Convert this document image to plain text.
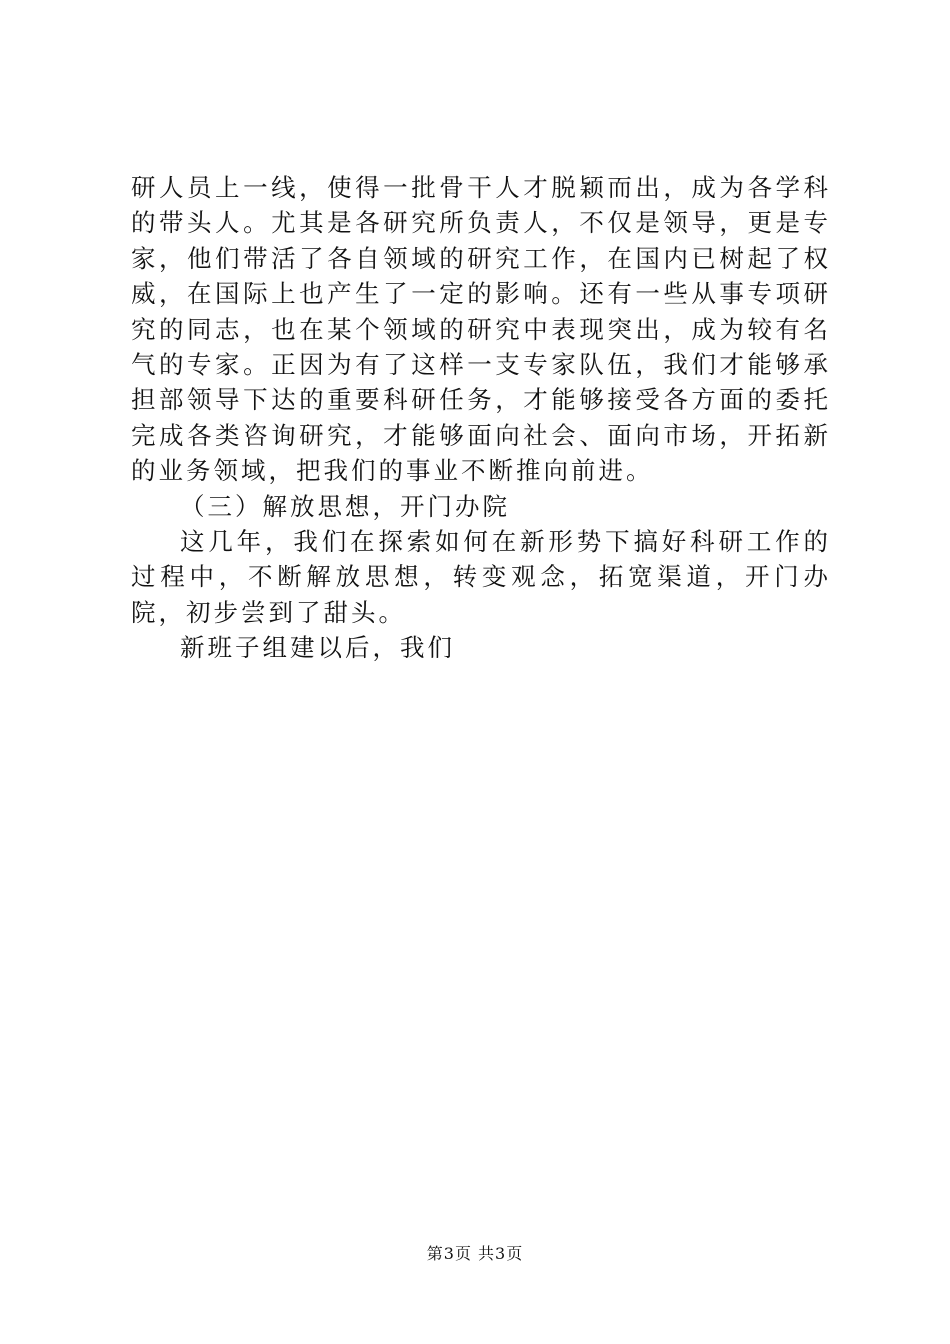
研人员上一线，使得一批骨干人才脱颖而出，成为各学科的带头人。尤其是各研究所负责人，不仅是领导，更是专家，他们带活了各自领域的研究工作，在国内已树起了权威，在国际上也产生了一定的影响。还有一些从事专项研究的同志，也在某个领域的研究中表现突出，成为较有名气的专家。正因为有了这样一支专家队伍，我们才能够承担部领导下达的重要科研任务，才能够接受各方面的委托完成各类咨询研究，才能够面向社会、面向市场，开拓新的业务领域，把我们的事业不断推向前进。

（三）解放思想，开门办院

这几年，我们在探索如何在新形势下搞好科研工作的过程中，不断解放思想，转变观念，拓宽渠道，开门办院，初步尝到了甜头。

新班子组建以后，我们

第3页 共3页
